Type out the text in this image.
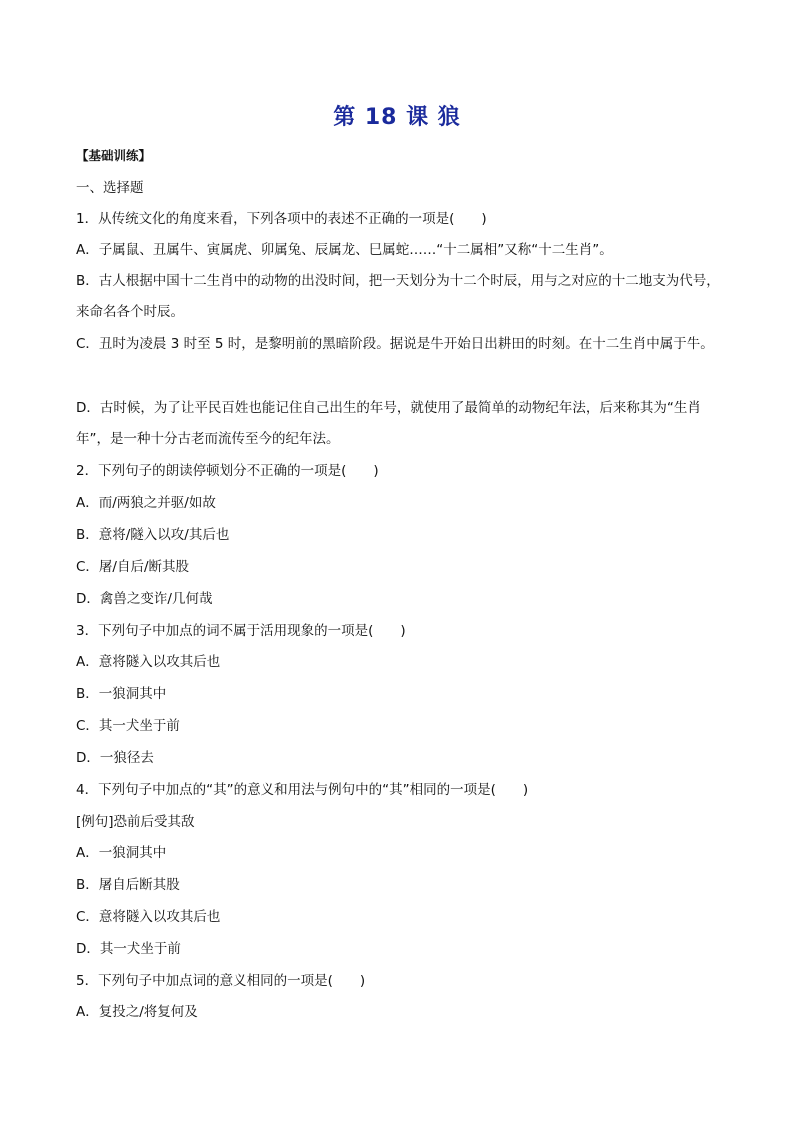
第 18 课 狼
【基础训练】
一、选择题
1．从传统文化的角度来看，下列各项中的表述不正确的一项是(　　)
A．子属鼠、丑属牛、寅属虎、卯属兔、辰属龙、巳属蛇……“十二属相”又称“十二生肖”。
B．古人根据中国十二生肖中的动物的出没时间，把一天划分为十二个时辰，用与之对应的十二地支为代号，
来命名各个时辰。
C．丑时为凌晨 3 时至 5 时，是黎明前的黑暗阶段。据说是牛开始日出耕田的时刻。在十二生肖中属于牛。
D．古时候，为了让平民百姓也能记住自己出生的年号，就使用了最简单的动物纪年法，后来称其为“生肖
年”，是一种十分古老而流传至今的纪年法。
2．下列句子的朗读停顿划分不正确的一项是(　　)
A．而/两狼之并驱/如故
B．意将/隧入以攻/其后也
C．屠/自后/断其股
D．禽兽之变诈/几何哉
3．下列句子中加点的词不属于活用现象的一项是(　　)
A．意将隧入以攻其后也
B．一狼洞其中
C．其一犬坐于前
D．一狼径去
4．下列句子中加点的“其”的意义和用法与例句中的“其”相同的一项是(　　)
[例句]恐前后受其敌
A．一狼洞其中
B．屠自后断其股
C．意将隧入以攻其后也
D．其一犬坐于前
5．下列句子中加点词的意义相同的一项是(　　)
A．复投之/将复何及
